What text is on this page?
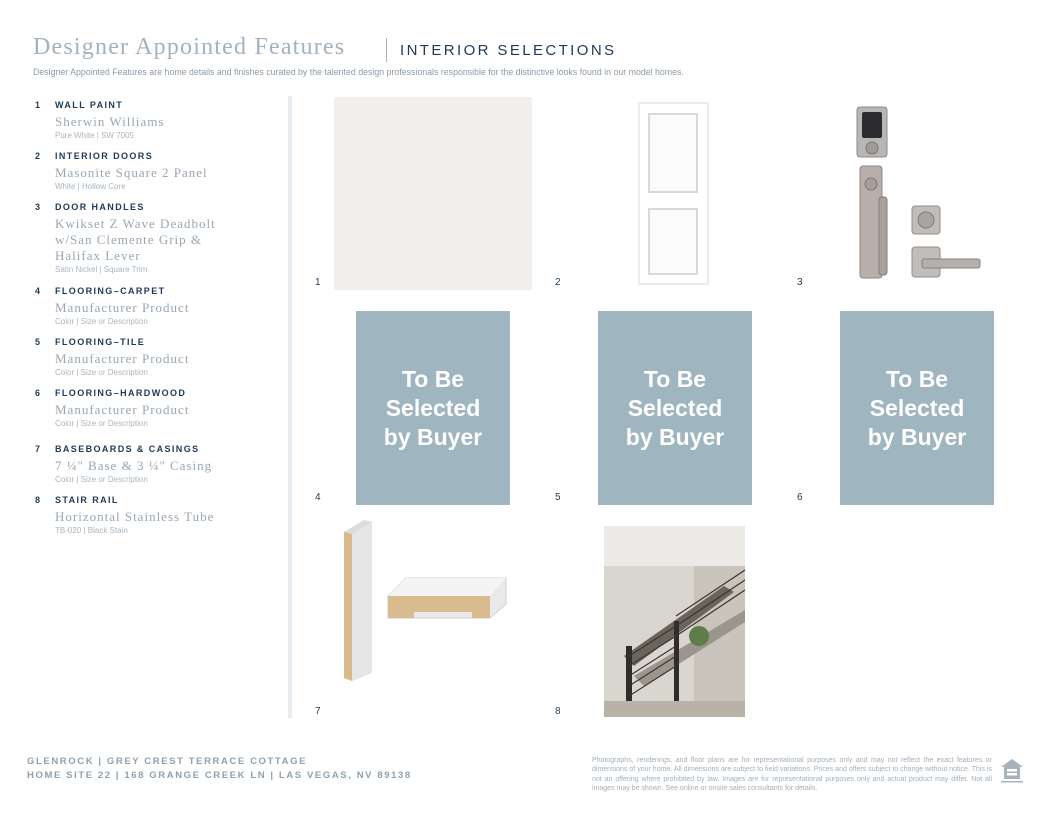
Designer Appointed Features	INTERIOR SELECTIONS
Designer Appointed Features are home details and finishes curated by the talented design professionals responsible for the distinctive looks found in our model homes.
1 WALL PAINT
Sherwin Williams
Pure White | SW 7005
2 INTERIOR DOORS
Masonite Square 2 Panel
White | Hollow Core
3 DOOR HANDLES
Kwikset Z Wave Deadbolt w/San Clemente Grip & Halifax Lever
Satin Nickel | Square Trim
4 FLOORING–CARPET
Manufacturer Product
Color | Size or Description
5 FLOORING–TILE
Manufacturer Product
Color | Size or Description
6 FLOORING–HARDWOOD
Manufacturer Product
Color | Size or Description
7 BASEBOARDS & CASINGS
7 ¼" Base & 3 ¼" Casing
Color | Size or Description
8 STAIR RAIL
Horizontal Stainless Tube
TB-020 | Black Stain
1	2	3
To Be
Selected
by Buyer
4
To Be
Selected
by Buyer
5
To Be
Selected
by Buyer
6
7	8
GLENROCK | GREY CREST TERRACE COTTAGE
HOME SITE 22 | 168 GRANGE CREEK LN | LAS VEGAS, NV 89138
Photographs, renderings, and floor plans are for representational purposes only and may not reflect the exact features or dimensions of your home. All dimensions are subject to field variations. Prices and offers subject to change without notice. This is not an offering where prohibited by law. Images are for representational purposes only and actual product may differ. Not all images may be shown. See online or onsite sales consultants for details.
